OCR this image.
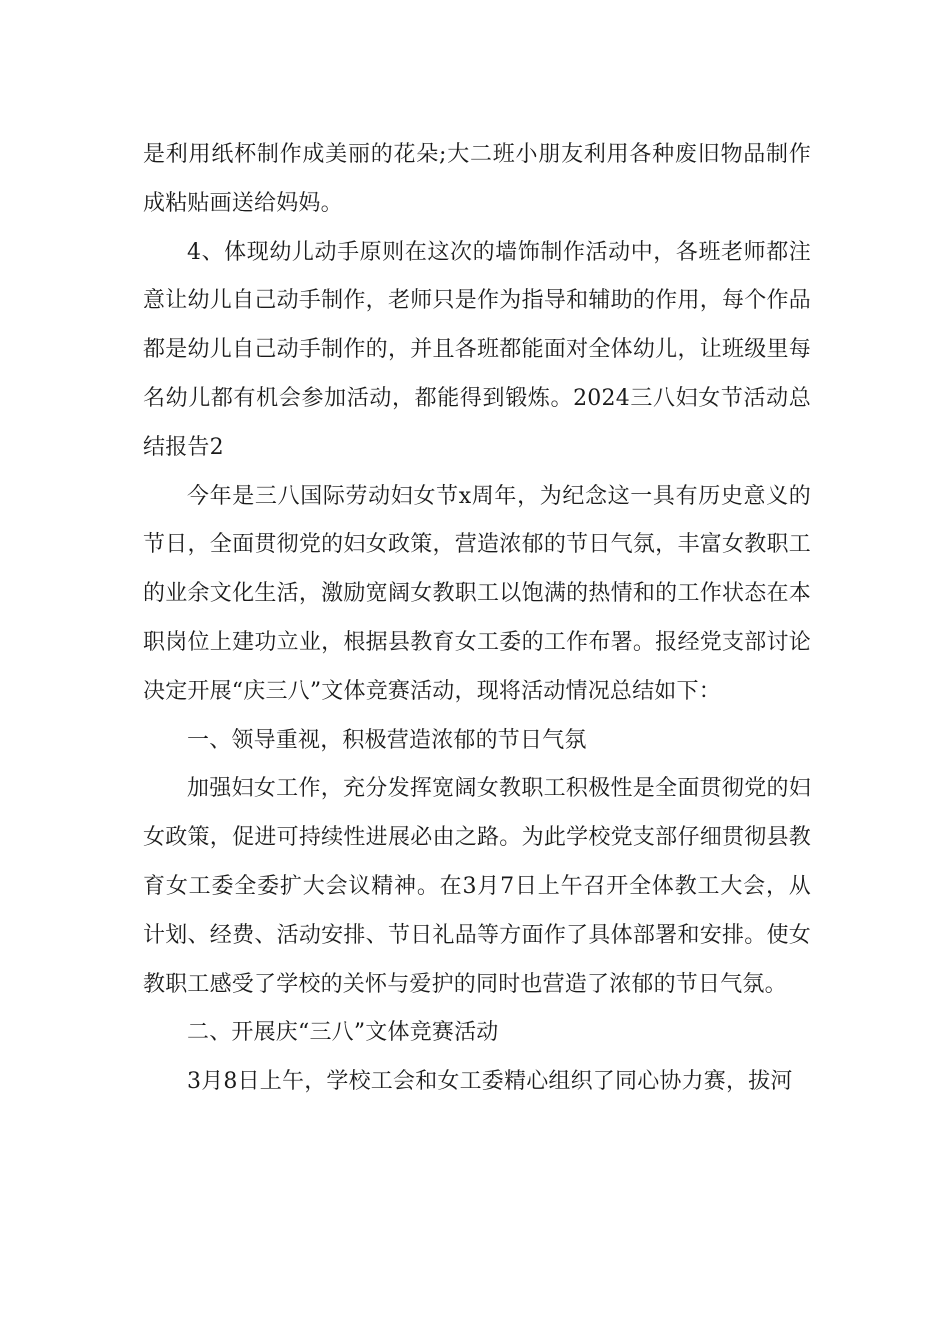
是利用纸杯制作成美丽的花朵;大二班小朋友利用各种废旧物品制作成粘贴画送给妈妈。

4、体现幼儿动手原则在这次的墙饰制作活动中，各班老师都注意让幼儿自己动手制作，老师只是作为指导和辅助的作用，每个作品都是幼儿自己动手制作的，并且各班都能面对全体幼儿，让班级里每名幼儿都有机会参加活动，都能得到锻炼。2024三八妇女节活动总结报告2

今年是三八国际劳动妇女节x周年，为纪念这一具有历史意义的节日，全面贯彻党的妇女政策，营造浓郁的节日气氛，丰富女教职工的业余文化生活，激励宽阔女教职工以饱满的热情和的工作状态在本职岗位上建功立业，根据县教育女工委的工作布署。报经党支部讨论决定开展“庆三八”文体竞赛活动，现将活动情况总结如下：

一、领导重视，积极营造浓郁的节日气氛

加强妇女工作，充分发挥宽阔女教职工积极性是全面贯彻党的妇女政策，促进可持续性进展必由之路。为此学校党支部仔细贯彻县教育女工委全委扩大会议精神。在3月7日上午召开全体教工大会，从计划、经费、活动安排、节日礼品等方面作了具体部署和安排。使女教职工感受了学校的关怀与爱护的同时也营造了浓郁的节日气氛。

二、开展庆“三八”文体竞赛活动

3月8日上午，学校工会和女工委精心组织了同心协力赛，拔河
